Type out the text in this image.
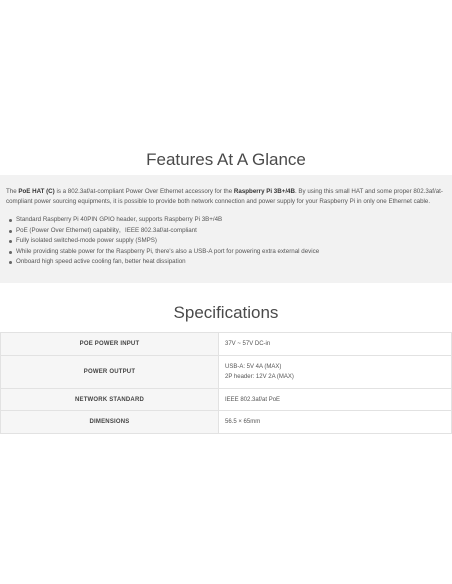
Features At A Glance

The PoE HAT (C) is a 802.3af/at-compliant Power Over Ethernet accessory for the Raspberry Pi 3B+/4B. By using this small HAT and some proper 802.3af/at-compliant power sourcing equipments, it is possible to provide both network connection and power supply for your Raspberry Pi in only one Ethernet cable.

Standard Raspberry Pi 40PIN GPIO header, supports Raspberry Pi 3B+/4B
PoE (Power Over Ethernet) capability，IEEE 802.3af/at-compliant
Fully isolated switched-mode power supply (SMPS)
While providing stable power for the Raspberry Pi, there's also a USB-A port for powering extra external device
Onboard high speed active cooling fan, better heat dissipation
Specifications
POE POWER INPUT	37V ~ 57V DC-in
POWER OUTPUT	USB-A: 5V 4A (MAX)
2P header: 12V 2A (MAX)

NETWORK STANDARD	IEEE 802.3af/at PoE
DIMENSIONS	56.5 × 65mm
